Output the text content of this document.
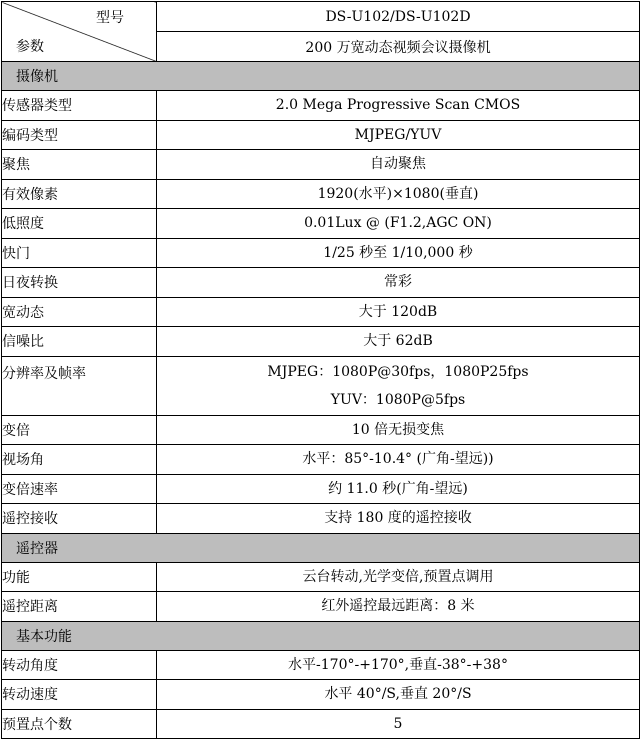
型号
参数	DS-U102/DS-U102D
	200 万宽动态视频会议摄像机
摄像机	
传感器类型	2.0 Mega Progressive Scan CMOS

编码类型	MJPEG/YUV

聚焦	自动聚焦

有效像素	1920(水平)×1080(垂直)

低照度	0.01Lux @ (F1.2,AGC ON)

快门	1/25 秒至 1/10,000 秒

日夜转换	常彩

宽动态	大于 120dB

信噪比	大于 62dB

分辨率及帧率	MJPEG：1080P@30fps，1080P25fps
YUV：1080P@5fps

变倍	10 倍无损变焦

视场角	水平：85°-10.4° (广角-望远))

变倍速率	约 11.0 秒(广角-望远)

遥控接收	支持 180 度的遥控接收

遥控器	
功能	云台转动,光学变倍,预置点调用

遥控距离	红外遥控最远距离：8 米

基本功能	
转动角度	水平-170°-+170°,垂直-38°-+38°

转动速度	水平 40°/S,垂直 20°/S

预置点个数	5
